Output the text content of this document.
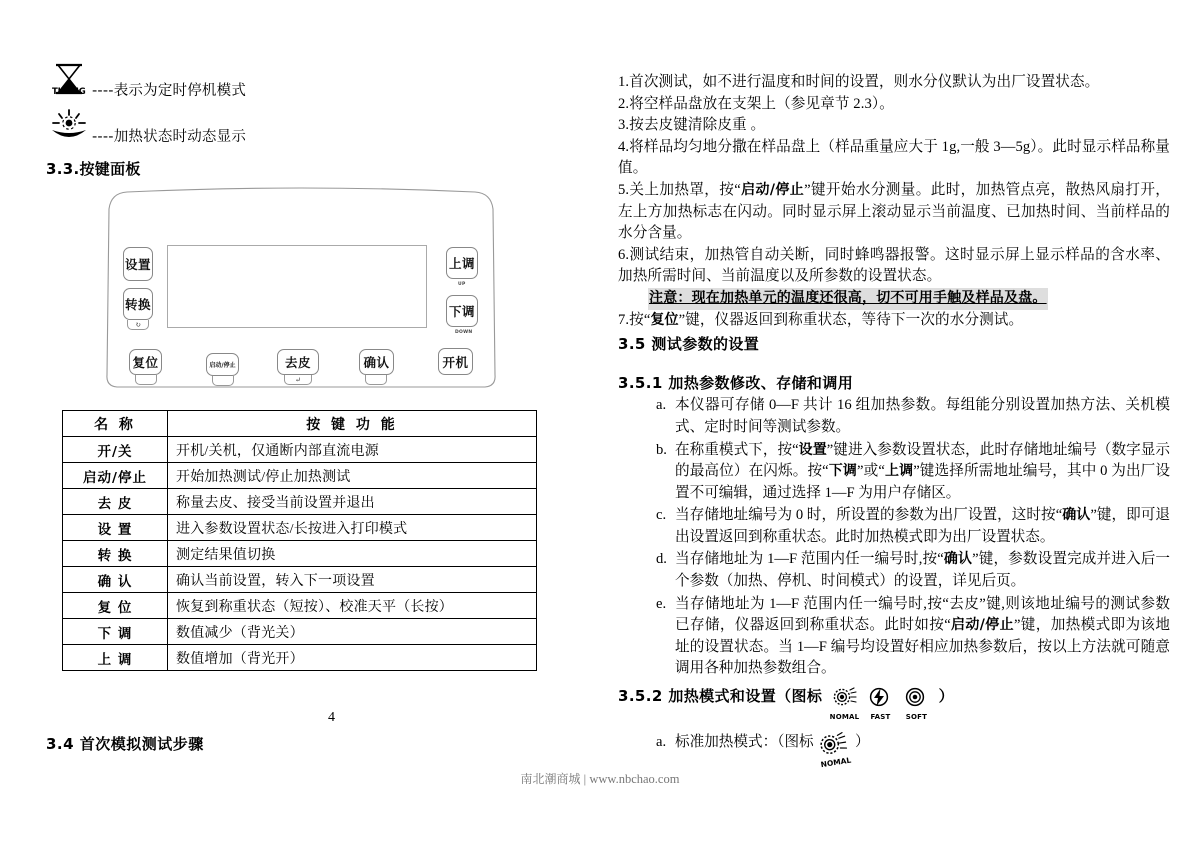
TIMING ----表示为定时停机模式
----加热状态时动态显示
3.3.按键面板
设置
转换
↻
上调
UP
下调
DOWN
复位	启动/停止	去皮
↵
确认	开机
名 称	按 键 功 能
开/关	开机/关机，仅通断内部直流电源
启动/停止	开始加热测试/停止加热测试
去 皮	称量去皮、接受当前设置并退出
设 置	进入参数设置状态/长按进入打印模式
转 换	测定结果值切换
确 认	确认当前设置，转入下一项设置
复 位	恢复到称重状态（短按）、校准天平（长按）
下 调	数值减少（背光关）
上 调	数值增加（背光开）
4
3.4 首次模拟测试步骤

1.首次测试，如不进行温度和时间的设置，则水分仪默认为出厂设置状态。

2.将空样品盘放在支架上（参见章节 2.3）。

3.按去皮键清除皮重 。

4.将样品均匀地分撒在样品盘上（样品重量应大于 1g,一般 3—5g）。此时显示样品称量值。

5.关上加热罩，按“启动/停止”键开始水分测量。此时，加热管点亮，散热风扇打开，左上方加热标志在闪动。同时显示屏上滚动显示当前温度、已加热时间、当前样品的水分含量。

6.测试结束，加热管自动关断，同时蜂鸣器报警。这时显示屏上显示样品的含水率、加热所需时间、当前温度以及所参数的设置状态。

注意：现在加热单元的温度还很高，切不可用手触及样品及盘。

7.按“复位”键，仪器返回到称重状态，等待下一次的水分测试。

3.5 测试参数的设置
3.5.1 加热参数修改、存储和调用
a. 本仪器可存储 0—F 共计 16 组加热参数。每组能分别设置加热方法、关机模式、定时时间等测试参数。
b. 在称重模式下，按“设置”键进入参数设置状态，此时存储地址编号（数字显示的最高位）在闪烁。按“下调”或“上调”键选择所需地址编号，其中 0 为出厂设置不可编辑，通过选择 1—F 为用户存储区。
c. 当存储地址编号为 0 时，所设置的参数为出厂设置，这时按“确认”键，即可退出设置返回到称重状态。此时加热模式即为出厂设置状态。
d. 当存储地址为 1—F 范围内任一编号时,按“确认”键，参数设置完成并进入后一个参数（加热、停机、时间模式）的设置，详见后页。
e. 当存储地址为 1—F 范围内任一编号时,按“去皮”键,则该地址编号的测试参数已存储，仪器返回到称重状态。此时如按“启动/停止”键，加热模式即为该地址的设置状态。当 1—F 编号均设置好相应加热参数后，按以上方法就可随意调用各种加热参数组合。
3.5.2 加热模式和设置（图标
NOMAL FAST SOFT
）
a. 标准加热模式：（图标
NOMAL
）
南北潮商城 | www.nbchao.com
